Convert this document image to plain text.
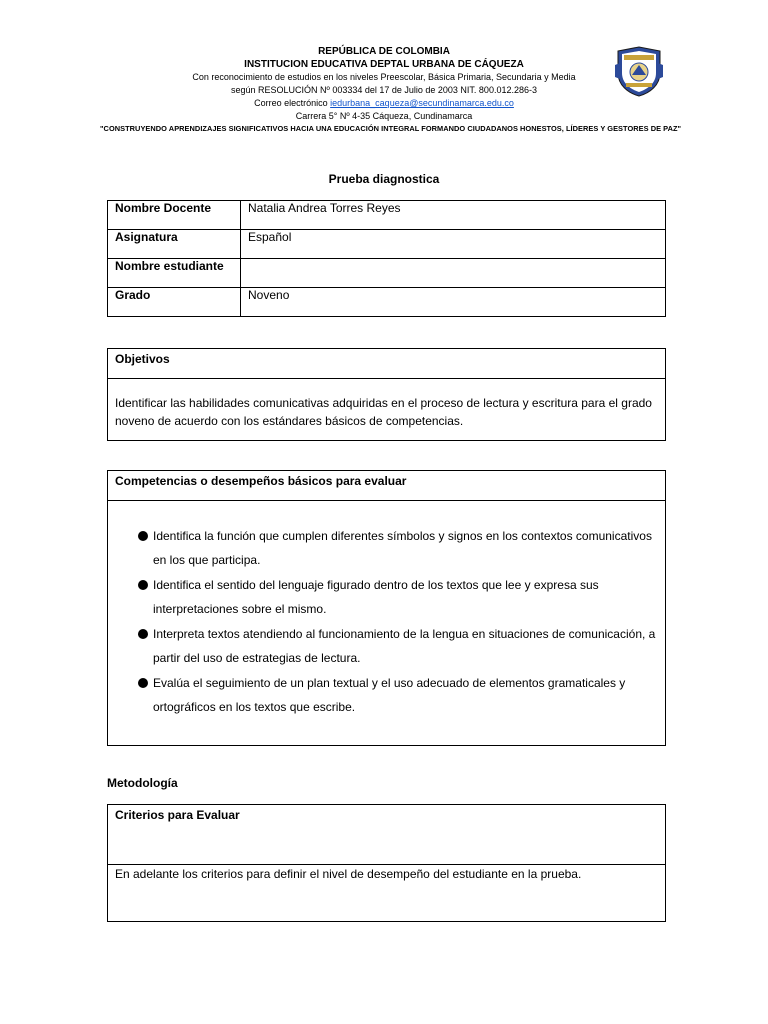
REPÚBLICA DE COLOMBIA
INSTITUCION EDUCATIVA DEPTAL URBANA DE CÁQUEZA
Con reconocimiento de estudios en los niveles Preescolar, Básica Primaria, Secundaria y Media
según RESOLUCIÓN Nº 003334 del 17 de Julio de 2003 NIT. 800.012.286-3
Correo electrónico iedurbana_caqueza@secundinamarca.edu.co
Carrera 5° Nº 4-35 Cáqueza, Cundinamarca
"CONSTRUYENDO APRENDIZAJES SIGNIFICATIVOS HACIA UNA EDUCACIÓN INTEGRAL FORMANDO CIUDADANOS HONESTOS, LÍDERES Y GESTORES DE PAZ"
Prueba diagnostica
Nombre Docente	Natalia Andrea Torres Reyes
Asignatura	Español
Nombre estudiante	
Grado	Noveno
Objetivos
Identificar las habilidades comunicativas adquiridas en el proceso de lectura y escritura para el grado noveno de acuerdo con los estándares básicos de competencias.
Competencias o desempeños básicos para evaluar
Identifica la función que cumplen diferentes símbolos y signos en los contextos comunicativos en los que participa.
Identifica el sentido del lenguaje figurado dentro de los textos que lee y expresa sus interpretaciones sobre el mismo.
Interpreta textos atendiendo al funcionamiento de la lengua en situaciones de comunicación, a partir del uso de estrategias de lectura.
Evalúa el seguimiento de un plan textual y el uso adecuado de elementos gramaticales y ortográficos en los textos que escribe.
Metodología
Criterios para Evaluar
En adelante los criterios para definir el nivel de desempeño del estudiante en la prueba.
